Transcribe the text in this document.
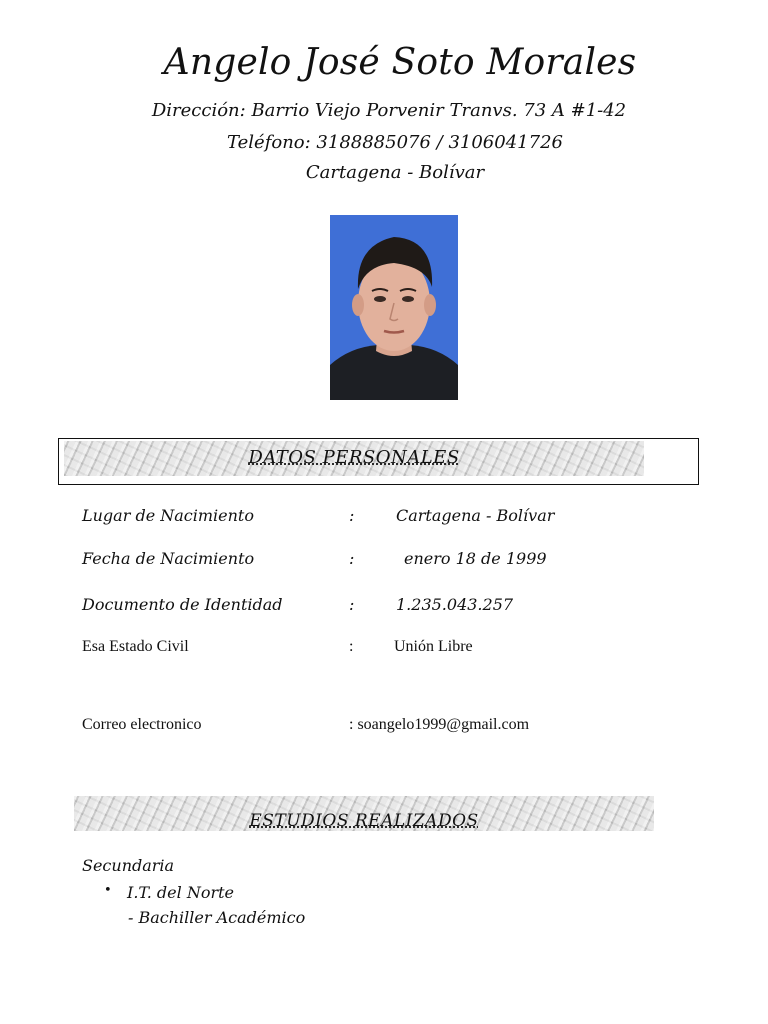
Angelo José Soto Morales
Dirección: Barrio Viejo Porvenir Tranvs. 73 A #1-42
Teléfono: 3188885076 / 3106041726
Cartagena - Bolívar
DATOS PERSONALES
Lugar de Nacimiento	:	Cartagena - Bolívar
Fecha de Nacimiento	:	enero 18 de 1999
Documento de Identidad	:	1.235.043.257
Esa Estado Civil	:	Unión Libre
Correo electronico	: soangelo1999@gmail.com
ESTUDIOS REALIZADOS
Secundaria
• I.T. del Norte
- Bachiller Académico
